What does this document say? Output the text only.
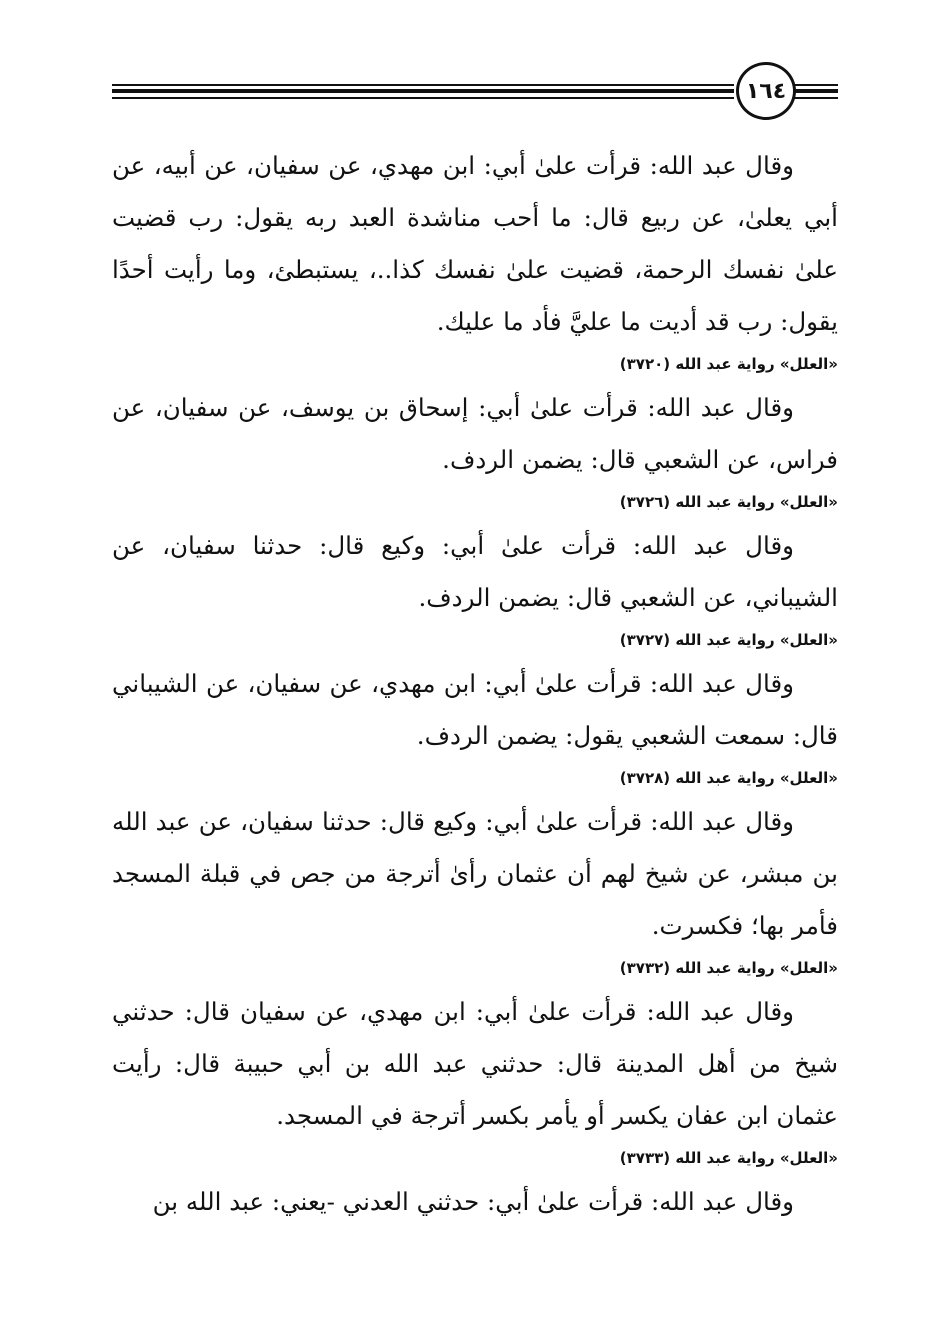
١٦٤

وقال عبد الله: قرأت علىٰ أبي: ابن مهدي، عن سفيان، عن أبيه، عن أبي يعلىٰ، عن ربيع قال: ما أحب مناشدة العبد ربه يقول: رب قضيت علىٰ نفسك الرحمة، قضيت علىٰ نفسك كذا..، يستبطئ، وما رأيت أحدًا يقول: رب قد أديت ما عليَّ فأد ما عليك.

«العلل» رواية عبد الله (٣٧٢٠)

وقال عبد الله: قرأت علىٰ أبي: إسحاق بن يوسف، عن سفيان، عن فراس، عن الشعبي قال: يضمن الردف.

«العلل» رواية عبد الله (٣٧٢٦)

وقال عبد الله: قرأت علىٰ أبي: وكيع قال: حدثنا سفيان، عن الشيباني، عن الشعبي قال: يضمن الردف.

«العلل» رواية عبد الله (٣٧٢٧)

وقال عبد الله: قرأت علىٰ أبي: ابن مهدي، عن سفيان، عن الشيباني قال: سمعت الشعبي يقول: يضمن الردف.

«العلل» رواية عبد الله (٣٧٢٨)

وقال عبد الله: قرأت علىٰ أبي: وكيع قال: حدثنا سفيان، عن عبد الله بن مبشر، عن شيخ لهم أن عثمان رأىٰ أترجة من جص في قبلة المسجد فأمر بها؛ فكسرت.

«العلل» رواية عبد الله (٣٧٣٢)

وقال عبد الله: قرأت علىٰ أبي: ابن مهدي، عن سفيان قال: حدثني شيخ من أهل المدينة قال: حدثني عبد الله بن أبي حبيبة قال: رأيت عثمان ابن عفان يكسر أو يأمر بكسر أترجة في المسجد.

«العلل» رواية عبد الله (٣٧٣٣)

وقال عبد الله: قرأت علىٰ أبي: حدثني العدني -يعني: عبد الله بن
